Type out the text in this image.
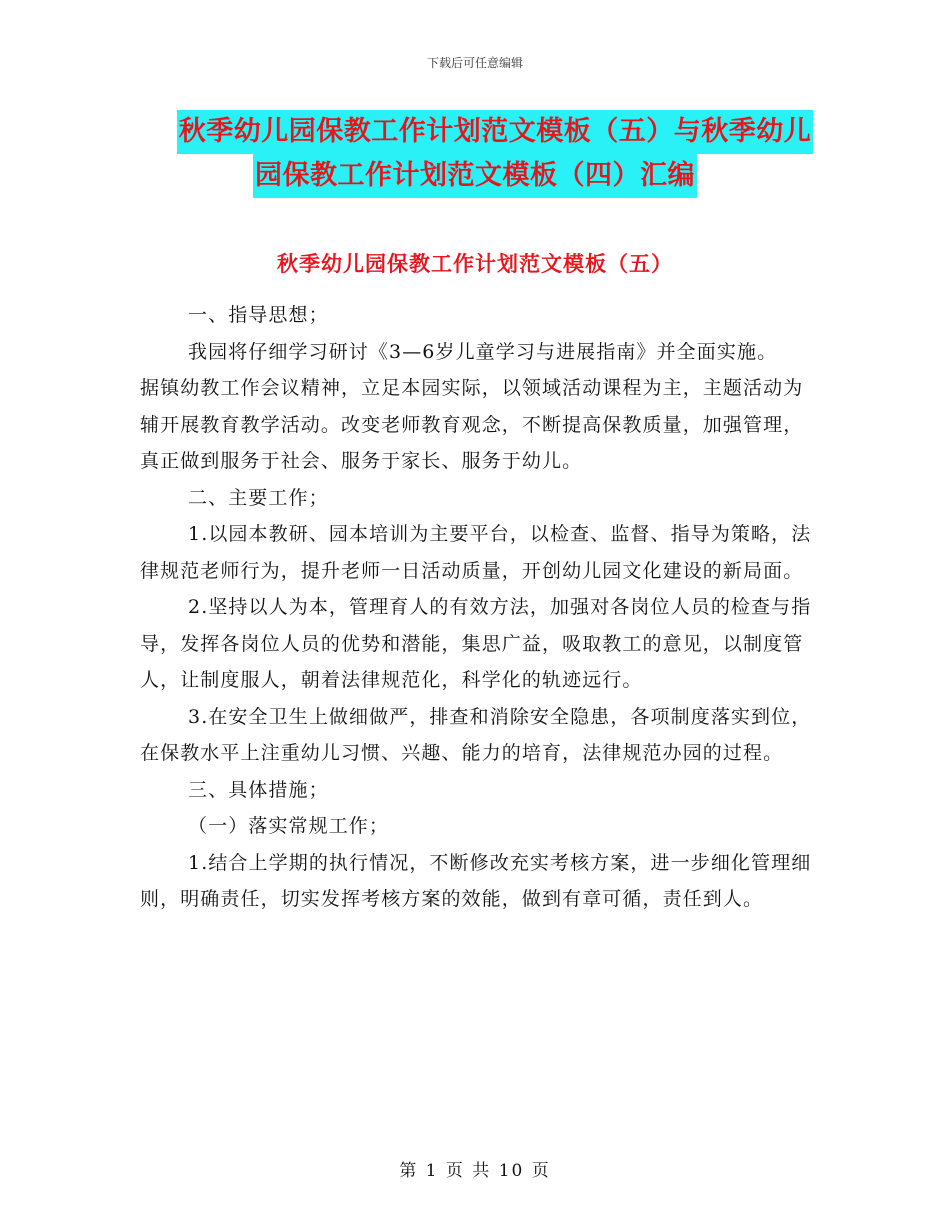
下载后可任意编辑
秋季幼儿园保教工作计划范文模板（五）与秋季幼儿
园保教工作计划范文模板（四）汇编
秋季幼儿园保教工作计划范文模板（五）

一、指导思想；

我园将仔细学习研讨《3—6岁儿童学习与进展指南》并全面实施。

据镇幼教工作会议精神，立足本园实际，以领域活动课程为主，主题活动为辅开展教育教学活动。改变老师教育观念，不断提高保教质量，加强管理，真正做到服务于社会、服务于家长、服务于幼儿。

二、主要工作；

1.以园本教研、园本培训为主要平台，以检查、监督、指导为策略，法律规范老师行为，提升老师一日活动质量，开创幼儿园文化建设的新局面。

2.坚持以人为本，管理育人的有效方法，加强对各岗位人员的检查与指导，发挥各岗位人员的优势和潜能，集思广益，吸取教工的意见，以制度管人，让制度服人，朝着法律规范化，科学化的轨迹远行。

3.在安全卫生上做细做严，排查和消除安全隐患，各项制度落实到位，在保教水平上注重幼儿习惯、兴趣、能力的培育，法律规范办园的过程。

三、具体措施；

（一）落实常规工作；

1.结合上学期的执行情况，不断修改充实考核方案，进一步细化管理细则，明确责任，切实发挥考核方案的效能，做到有章可循，责任到人。

第 1 页 共 10 页
